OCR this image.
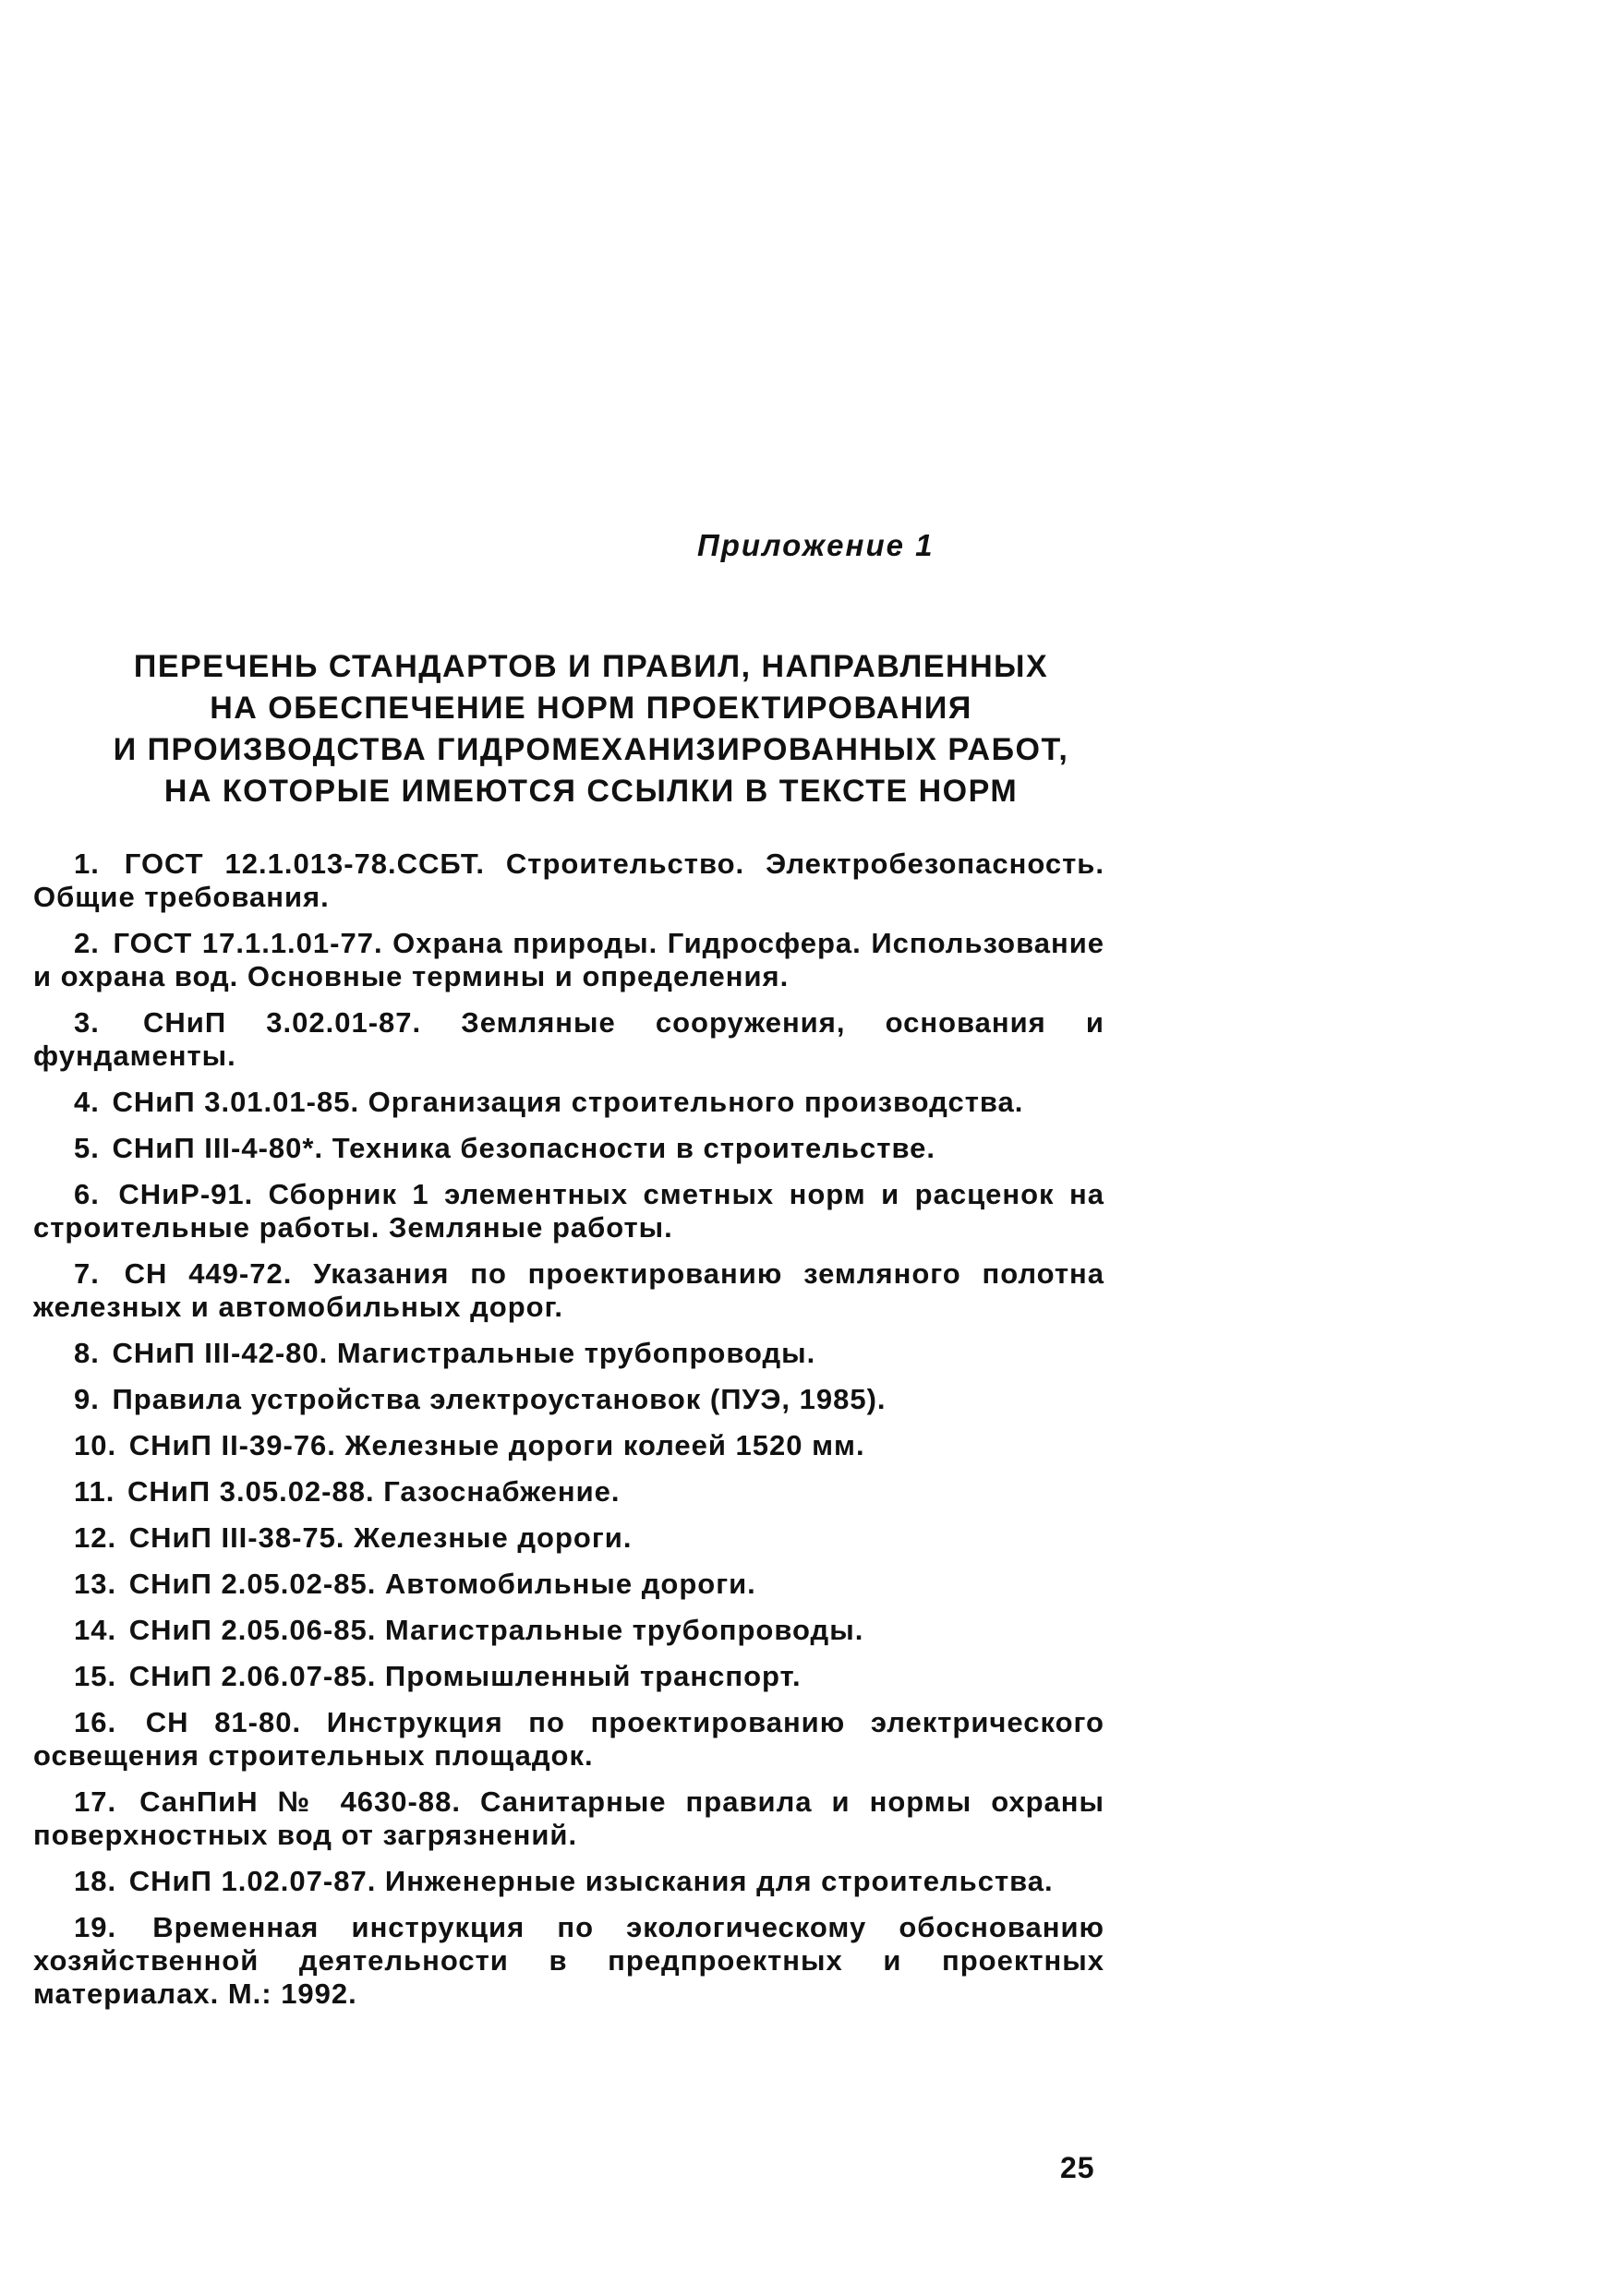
Приложение 1
ПЕРЕЧЕНЬ СТАНДАРТОВ И ПРАВИЛ, НАПРАВЛЕННЫХ
НА ОБЕСПЕЧЕНИЕ НОРМ ПРОЕКТИРОВАНИЯ
И ПРОИЗВОДСТВА ГИДРОМЕХАНИЗИРОВАННЫХ РАБОТ,
НА КОТОРЫЕ ИМЕЮТСЯ ССЫЛКИ В ТЕКСТЕ НОРМ
1. ГОСТ 12.1.013-78.ССБТ. Строительство. Электробезопасность. Общие требования.
2. ГОСТ 17.1.1.01-77. Охрана природы. Гидросфера. Использование и охрана вод. Основные термины и определения.
3. СНиП 3.02.01-87. Земляные сооружения, основания и фундаменты.
4. СНиП 3.01.01-85. Организация строительного производства.
5. СНиП III-4-80*. Техника безопасности в строительстве.
6. СНиР-91. Сборник 1 элементных сметных норм и расценок на строительные работы. Земляные работы.
7. СН 449-72. Указания по проектированию земляного полотна железных и автомобильных дорог.
8. СНиП III-42-80. Магистральные трубопроводы.
9. Правила устройства электроустановок (ПУЭ, 1985).
10. СНиП II-39-76. Железные дороги колеей 1520 мм.
11. СНиП 3.05.02-88. Газоснабжение.
12. СНиП III-38-75. Железные дороги.
13. СНиП 2.05.02-85. Автомобильные дороги.
14. СНиП 2.05.06-85. Магистральные трубопроводы.
15. СНиП 2.06.07-85. Промышленный транспорт.
16. СН 81-80. Инструкция по проектированию электрического освещения строительных площадок.
17. СанПиН № 4630-88. Санитарные правила и нормы охраны поверхностных вод от загрязнений.
18. СНиП 1.02.07-87. Инженерные изыскания для строительства.
19. Временная инструкция по экологическому обоснованию хозяйственной деятельности в предпроектных и проектных материалах. М.: 1992.
25
